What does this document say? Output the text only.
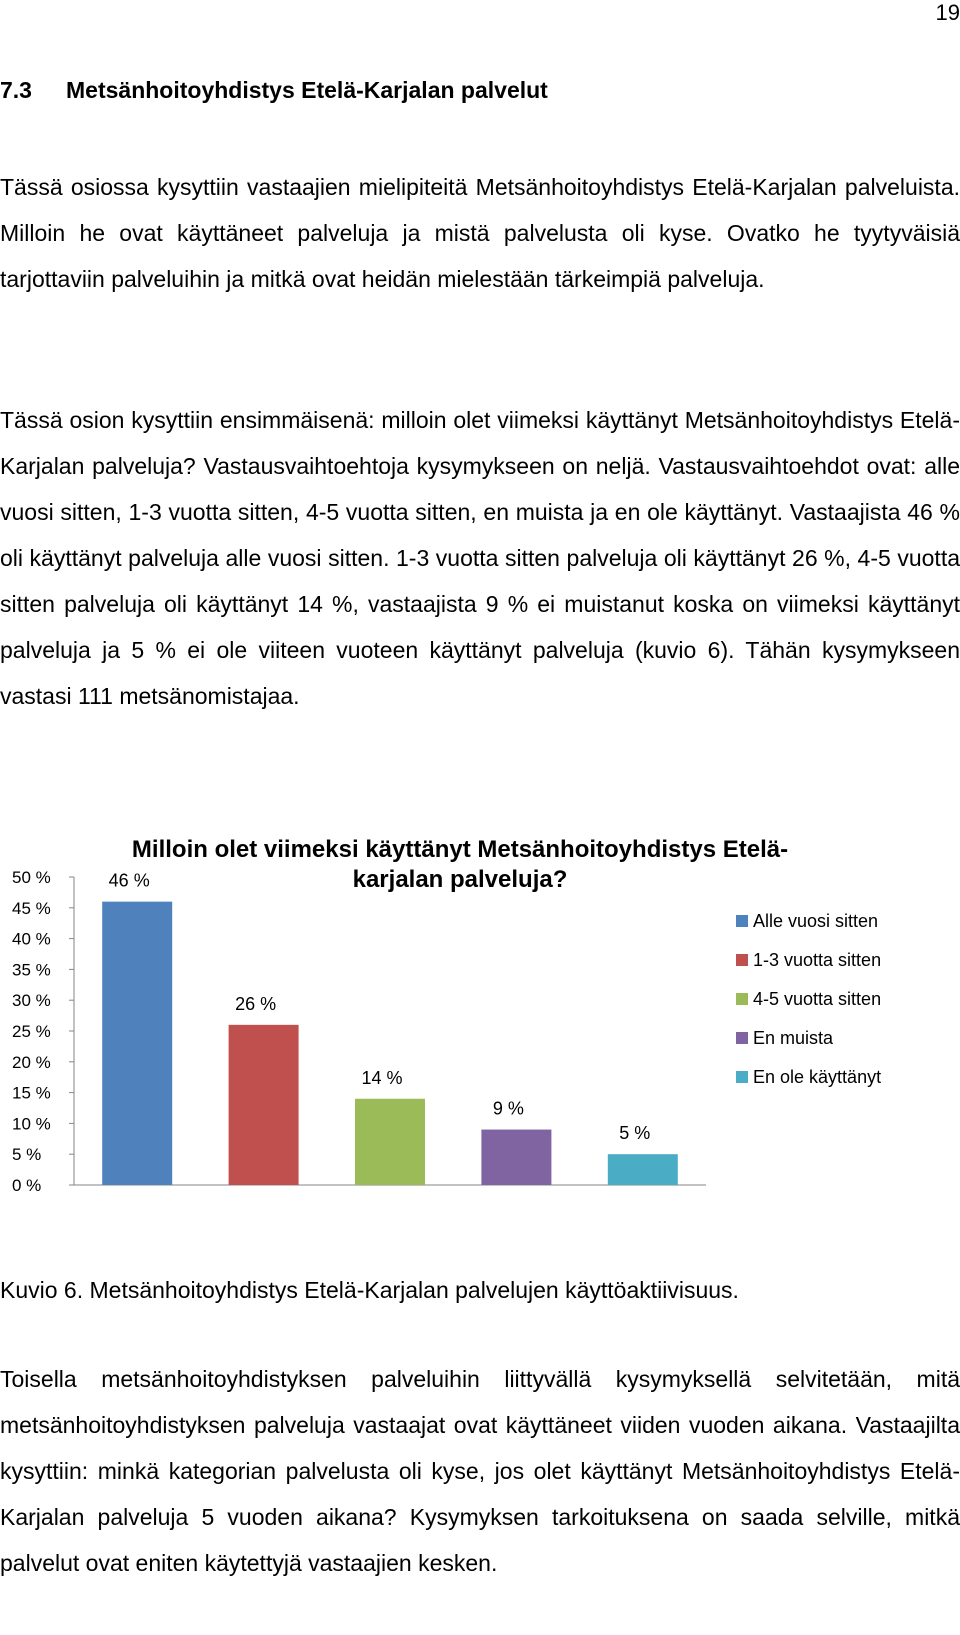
19
7.3 Metsänhoitoyhdistys Etelä-Karjalan palvelut

Tässä osiossa kysyttiin vastaajien mielipiteitä Metsänhoitoyhdistys Etelä-Karjalan palveluista. Milloin he ovat käyttäneet palveluja ja mistä palvelusta oli kyse. Ovatko he tyytyväisiä tarjottaviin palveluihin ja mitkä ovat heidän mielestään tärkeimpiä palveluja.

Tässä osion kysyttiin ensimmäisenä: milloin olet viimeksi käyttänyt Metsänhoitoyhdistys Etelä-Karjalan palveluja? Vastausvaihtoehtoja kysymykseen on neljä. Vastausvaihtoehdot ovat: alle vuosi sitten, 1-3 vuotta sitten, 4-5 vuotta sitten, en muista ja en ole käyttänyt. Vastaajista 46 % oli käyttänyt palveluja alle vuosi sitten. 1-3 vuotta sitten palveluja oli käyttänyt 26 %, 4-5 vuotta sitten palveluja oli käyttänyt 14 %, vastaajista 9 % ei muistanut koska on viimeksi käyttänyt palveluja ja 5 % ei ole viiteen vuoteen käyttänyt palveluja (kuvio 6). Tähän kysymykseen vastasi 111 metsänomistajaa.

Milloin olet viimeksi käyttänyt Metsänhoitoyhdistys Etelä-
karjalan palveluja?
0 %
5 %
10 %
15 %
20 %
25 %
30 %
35 %
40 %
45 %
50 %	46 %
26 %
14 %
9 %
5 %
Alle vuosi sitten
1-3 vuotta sitten
4-5 vuotta sitten
En muista
En ole käyttänyt

Kuvio 6. Metsänhoitoyhdistys Etelä-Karjalan palvelujen käyttöaktiivisuus.

Toisella metsänhoitoyhdistyksen palveluihin liittyvällä kysymyksellä selvitetään, mitä metsänhoitoyhdistyksen palveluja vastaajat ovat käyttäneet viiden vuoden aikana. Vastaajilta kysyttiin: minkä kategorian palvelusta oli kyse, jos olet käyttänyt Metsänhoitoyhdistys Etelä-Karjalan palveluja 5 vuoden aikana? Kysymyksen tarkoituksena on saada selville, mitkä palvelut ovat eniten käytettyjä vastaajien kesken.
